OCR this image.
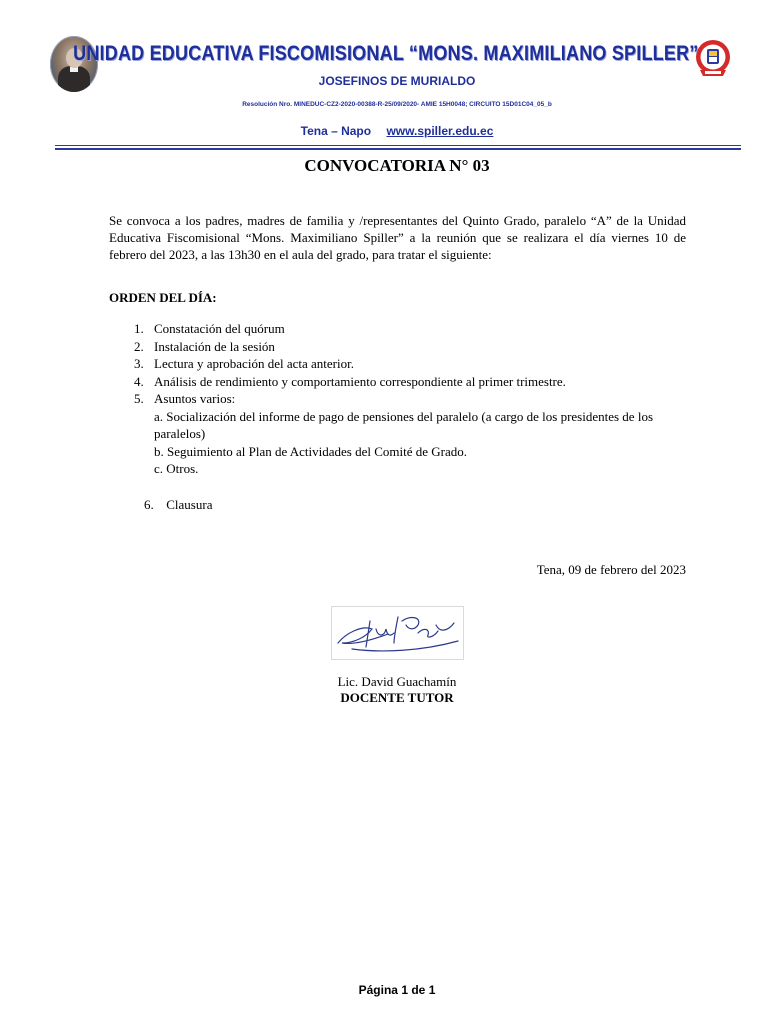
UNIDAD EDUCATIVA FISCOMISIONAL “MONS. MAXIMILIANO SPILLER”
JOSEFINOS DE MURIALDO
Resolución Nro. MINEDUC-CZ2-2020-00388-R-25/09/2020- AMIE 15H0048; CIRCUITO 15D01C04_05_b
Tena – Napo www.spiller.edu.ec
CONVOCATORIA N° 03

Se convoca a los padres, madres de familia y /representantes del Quinto Grado, paralelo “A” de la Unidad Educativa Fiscomisional “Mons. Maximiliano Spiller” a la reunión que se realizara el día viernes 10 de febrero del 2023, a las 13h30 en el aula del grado, para tratar el siguiente:

ORDEN DEL DÍA:
1. Constatación del quórum
2. Instalación de la sesión
3. Lectura y aprobación del acta anterior.
4. Análisis de rendimiento y comportamiento correspondiente al primer trimestre.
5. Asuntos varios:
a. Socialización del informe de pago de pensiones del paralelo (a cargo de los presidentes de los paralelos)
b. Seguimiento al Plan de Actividades del Comité de Grado.
c. Otros.
6. Clausura
Tena, 09 de febrero del 2023
Lic. David Guachamín
DOCENTE TUTOR
Página 1 de 1
